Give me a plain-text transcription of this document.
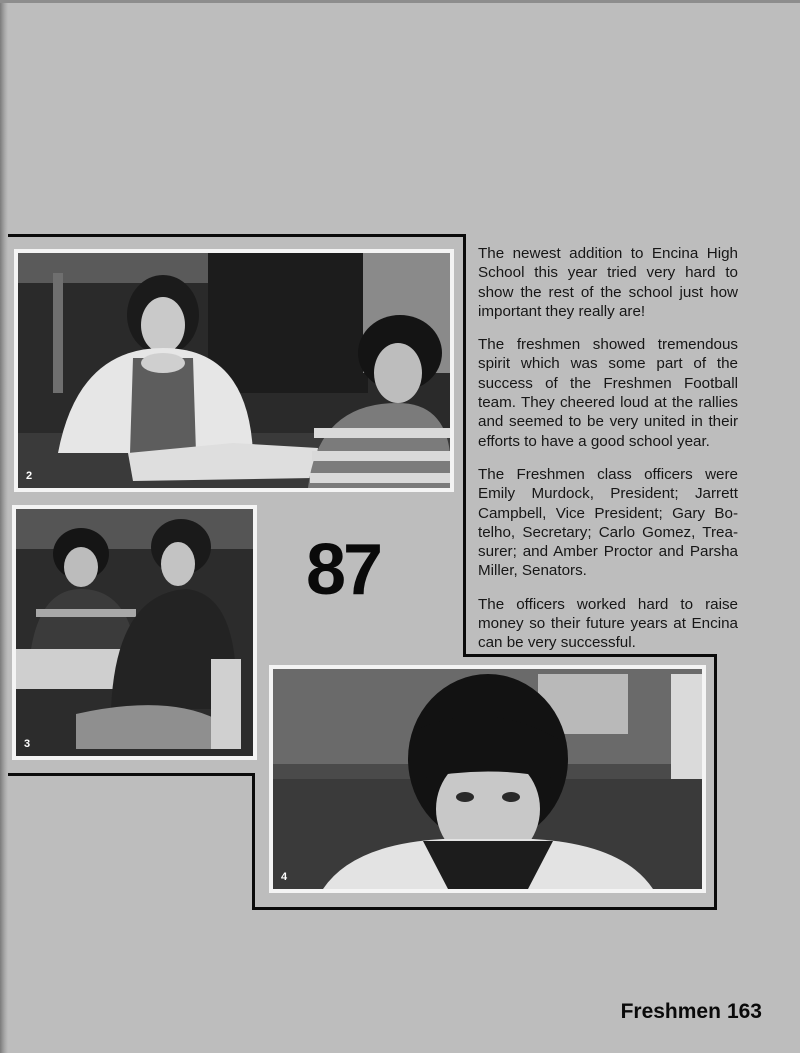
2
3
4
87

The newest addition to Encina High School this year tried very hard to show the rest of the school just how important they really are!

The freshmen showed tremendous spirit which was some part of the success of the Freshmen Football team. They cheered loud at the rallies and seemed to be very united in their efforts to have a good school year.

The Freshmen class officers were Emily Murdock, President; Jarrett Campbell, Vice President; Gary Botelho, Secretary; Carlo Gomez, Treasurer; and Amber Proctor and Parsha Miller, Senators.

The officers worked hard to raise money so their future years at Encina can be very successful.

Freshmen 163
